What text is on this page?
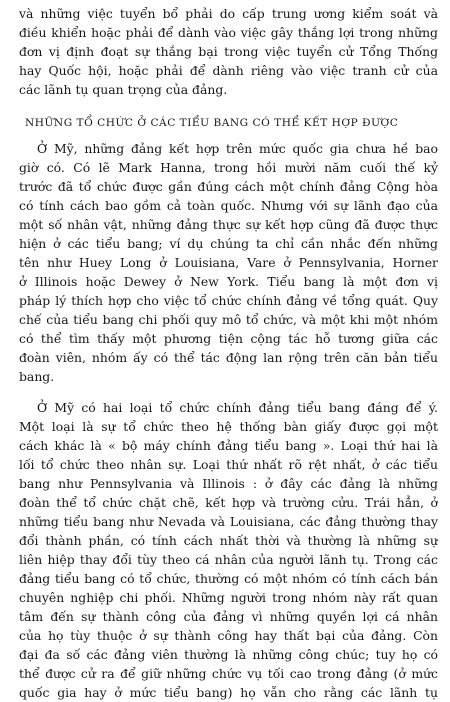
và những việc tuyển bổ phải do cấp trung ương kiểm soát và
điều khiển hoặc phải để dành vào việc gây thắng lợi trong những
đơn vị định đoạt sự thắng bại trong việc tuyển cử Tổng Thống
hay Quốc hội, hoặc phải để dành riêng vào việc tranh cử của
các lãnh tụ quan trọng của đảng.
NHỮNG TỔ CHỨC Ở CÁC TIỂU BANG CÓ THỂ KẾT HỢP ĐƯỢC
Ở Mỹ, những đảng kết hợp trên mức quốc gia chưa hề bao
giờ có. Có lẽ Mark Hanna, trong hồi mười năm cuối thế kỷ
trước đã tổ chức được gần đúng cách một chính đảng Cộng hòa
có tính cách bao gồm cả toàn quốc. Nhưng với sự lãnh đạo của
một số nhân vật, những đảng thực sự kết hợp cũng đã được thực
hiện ở các tiểu bang; ví dụ chúng ta chỉ cần nhắc đến những
tên như Huey Long ở Louisiana, Vare ở Pennsylvania, Horner
ở Illinois hoặc Dewey ở New York. Tiểu bang là một đơn vị
pháp lý thích hợp cho việc tổ chức chính đảng về tổng quát. Quy
chế của tiểu bang chi phối quy mô tổ chức, và một khi một nhóm
có thể tìm thấy một phương tiện cộng tác hỗ tương giữa các
đoàn viên, nhóm ấy có thể tác động lan rộng trên căn bản tiểu
bang.
Ở Mỹ có hai loại tổ chức chính đảng tiểu bang đáng để ý.
Một loại là sự tổ chức theo hệ thống bàn giấy được gọi một
cách khác là « bộ máy chính đảng tiểu bang ». Loại thứ hai là
lối tổ chức theo nhân sự. Loại thứ nhất rõ rệt nhất, ở các tiểu
bang như Pennsylvania và Illinois : ở đây các đảng là những
đoàn thể tổ chức chặt chẽ, kết hợp và trường cửu. Trái hẳn, ở
những tiểu bang như Nevada và Louisiana, các đảng thường thay
đổi thành phần, có tính cách nhất thời và thường là những sự
liên hiệp thay đổi tùy theo cá nhân của người lãnh tụ. Trong các
đảng tiểu bang có tổ chức, thường có một nhóm có tính cách bán
chuyên nghiệp chi phối. Những người trong nhóm này rất quan
tâm đến sự thành công của đảng vì những quyền lợi cá nhân
của họ tùy thuộc ở sự thành công hay thất bại của đảng. Còn
đại đa số các đảng viên thường là những công chúc; tuy họ có
thể được cử ra để giữ những chức vụ tối cao trong đảng (ở mức
quốc gia hay ở mức tiểu bang) họ vẫn cho rằng các lãnh tụ
